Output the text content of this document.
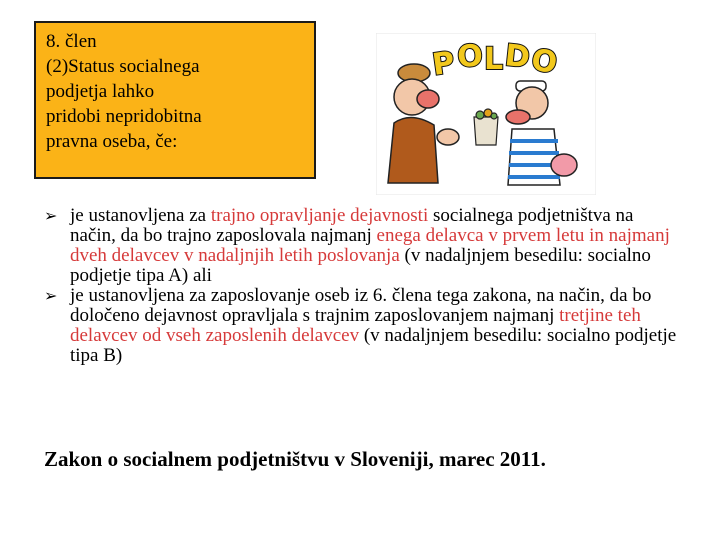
8. člen
(2)Status socialnega
podjetja lahko
pridobi nepridobitna
pravna oseba, če:
P O L D
O
➢ je ustanovljena za trajno opravljanje dejavnosti socialnega podjetništva na način, da bo trajno zaposlovala najmanj enega delavca v prvem letu in najmanj dveh delavcev v nadaljnjih letih poslovanja (v nadaljnjem besedilu: socialno podjetje tipa A) ali
➢ je ustanovljena za zaposlovanje oseb iz 6. člena tega zakona, na način, da bo določeno dejavnost opravljala s trajnim zaposlovanjem najmanj tretjine teh delavcev od vseh zaposlenih delavcev (v nadaljnjem besedilu: socialno podjetje tipa B)
Zakon o socialnem podjetništvu v Sloveniji, marec 2011.
